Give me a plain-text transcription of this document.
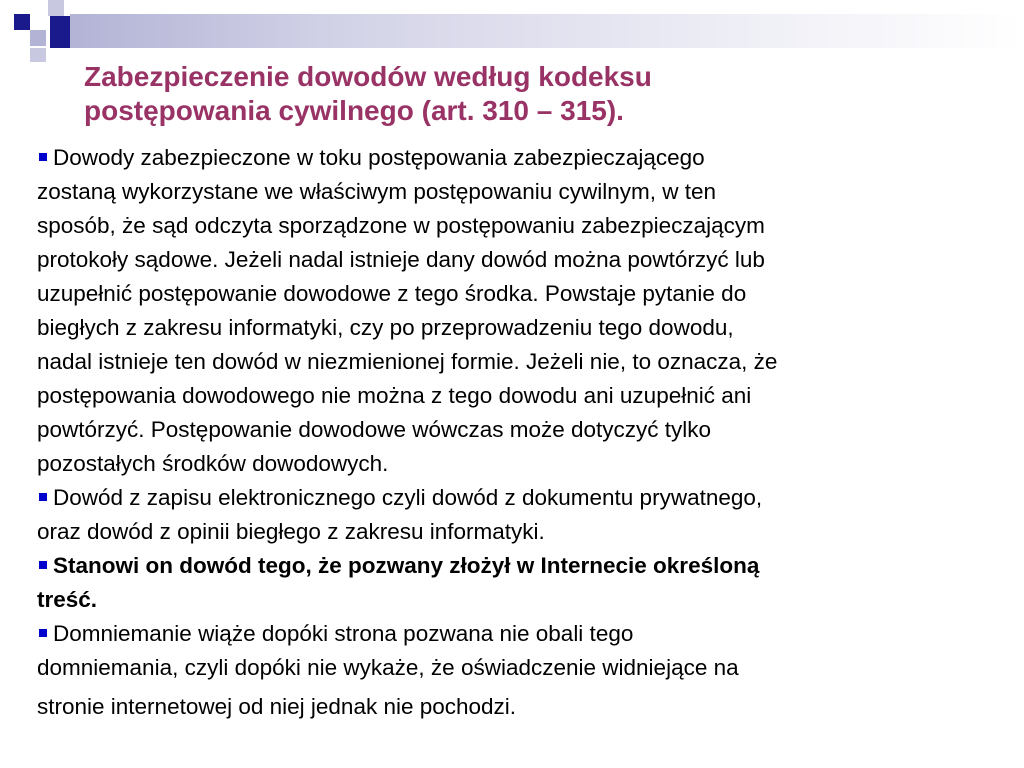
Zabezpieczenie dowodów według kodeksu
postępowania cywilnego (art. 310 – 315).
Dowody zabezpieczone w toku postępowania zabezpieczającego
zostaną wykorzystane we właściwym postępowaniu cywilnym, w ten
sposób, że sąd odczyta sporządzone w postępowaniu zabezpieczającym
protokoły sądowe. Jeżeli nadal istnieje dany dowód można powtórzyć lub
uzupełnić postępowanie dowodowe z tego środka. Powstaje pytanie do
biegłych z zakresu informatyki, czy po przeprowadzeniu tego dowodu,
nadal istnieje ten dowód w niezmienionej formie. Jeżeli nie, to oznacza, że
postępowania dowodowego nie można z tego dowodu ani uzupełnić ani
powtórzyć. Postępowanie dowodowe wówczas może dotyczyć tylko
pozostałych środków dowodowych.
Dowód z zapisu elektronicznego czyli dowód z dokumentu prywatnego,
oraz dowód z opinii biegłego z zakresu informatyki.
Stanowi on dowód tego, że pozwany złożył w Internecie określoną
treść.
Domniemanie wiąże dopóki strona pozwana nie obali tego
domniemania, czyli dopóki nie wykaże, że oświadczenie widniejące na
stronie internetowej od niej jednak nie pochodzi.
